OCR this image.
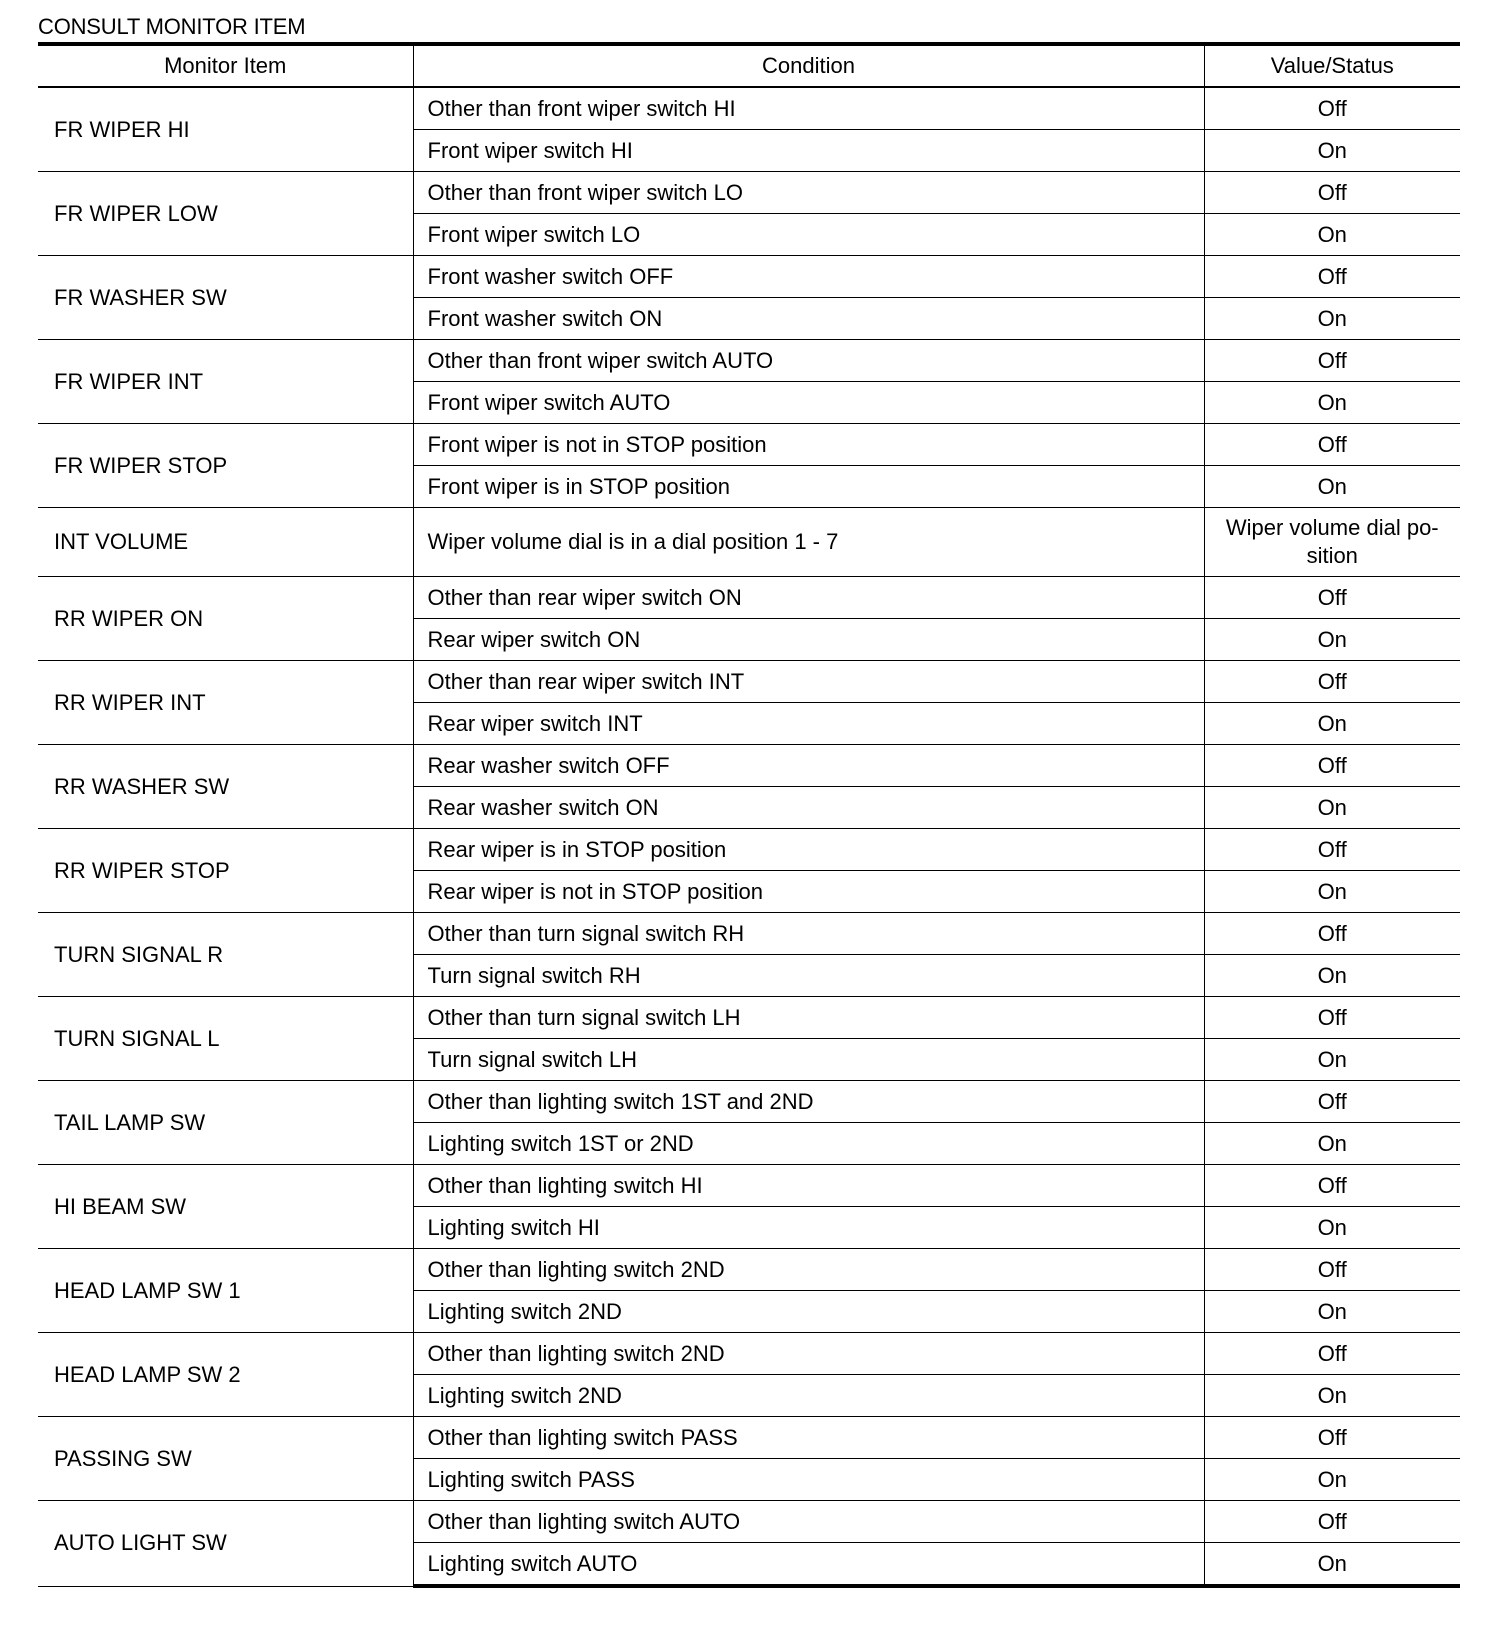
CONSULT MONITOR ITEM
Monitor Item	Condition	Value/Status
FR WIPER HI	Other than front wiper switch HI	Off
	Front wiper switch HI	On
FR WIPER LOW	Other than front wiper switch LO	Off
	Front wiper switch LO	On
FR WASHER SW	Front washer switch OFF	Off
	Front washer switch ON	On
FR WIPER INT	Other than front wiper switch AUTO	Off
	Front wiper switch AUTO	On
FR WIPER STOP	Front wiper is not in STOP position	Off
	Front wiper is in STOP position	On
INT VOLUME	Wiper volume dial is in a dial position 1 - 7	Wiper volume dial po-
sition
RR WIPER ON	Other than rear wiper switch ON	Off
	Rear wiper switch ON	On
RR WIPER INT	Other than rear wiper switch INT	Off
	Rear wiper switch INT	On
RR WASHER SW	Rear washer switch OFF	Off
	Rear washer switch ON	On
RR WIPER STOP	Rear wiper is in STOP position	Off
	Rear wiper is not in STOP position	On
TURN SIGNAL R	Other than turn signal switch RH	Off
	Turn signal switch RH	On
TURN SIGNAL L	Other than turn signal switch LH	Off
	Turn signal switch LH	On
TAIL LAMP SW	Other than lighting switch 1ST and 2ND	Off
	Lighting switch 1ST or 2ND	On
HI BEAM SW	Other than lighting switch HI	Off
	Lighting switch HI	On
HEAD LAMP SW 1	Other than lighting switch 2ND	Off
	Lighting switch 2ND	On
HEAD LAMP SW 2	Other than lighting switch 2ND	Off
	Lighting switch 2ND	On
PASSING SW	Other than lighting switch PASS	Off
	Lighting switch PASS	On
AUTO LIGHT SW	Other than lighting switch AUTO	Off
	Lighting switch AUTO	On
